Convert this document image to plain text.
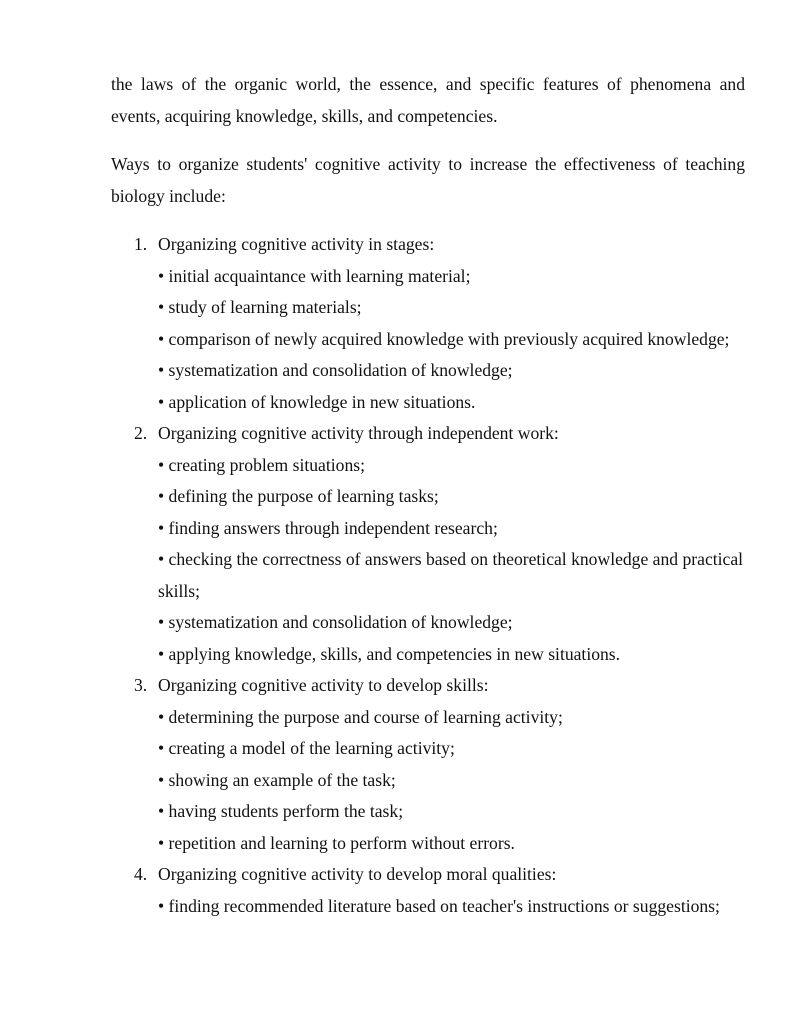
the laws of the organic world, the essence, and specific features of phenomena and events, acquiring knowledge, skills, and competencies.

Ways to organize students' cognitive activity to increase the effectiveness of teaching biology include:

1. Organizing cognitive activity in stages:
• initial acquaintance with learning material;
• study of learning materials;
• comparison of newly acquired knowledge with previously acquired knowledge;
• systematization and consolidation of knowledge;
• application of knowledge in new situations.
2. Organizing cognitive activity through independent work:
• creating problem situations;
• defining the purpose of learning tasks;
• finding answers through independent research;
• checking the correctness of answers based on theoretical knowledge and practical skills;
• systematization and consolidation of knowledge;
• applying knowledge, skills, and competencies in new situations.
3. Organizing cognitive activity to develop skills:
• determining the purpose and course of learning activity;
• creating a model of the learning activity;
• showing an example of the task;
• having students perform the task;
• repetition and learning to perform without errors.
4. Organizing cognitive activity to develop moral qualities:
• finding recommended literature based on teacher's instructions or suggestions;
